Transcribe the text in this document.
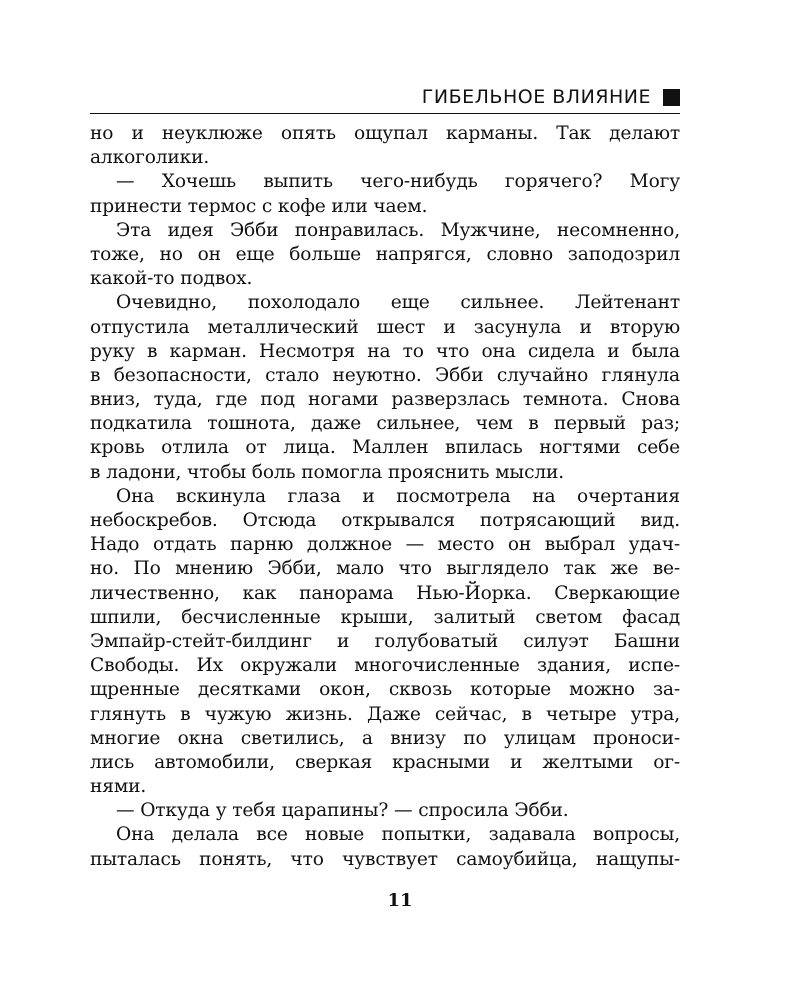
ГИБЕЛЬНОЕ ВЛИЯНИЕ
но и неуклюже опять ощупал карманы. Так делают
алкоголики.
— Хочешь выпить чего-нибудь горячего? Могу
принести термос с кофе или чаем.
Эта идея Эбби понравилась. Мужчине, несомненно,
тоже, но он еще больше напрягся, словно заподозрил
какой-то подвох.
Очевидно, похолодало еще сильнее. Лейтенант
отпустила металлический шест и засунула и вторую
руку в карман. Несмотря на то что она сидела и была
в безопасности, стало неуютно. Эбби случайно глянула
вниз, туда, где под ногами разверзлась темнота. Снова
подкатила тошнота, даже сильнее, чем в первый раз;
кровь отлила от лица. Маллен впилась ногтями себе
в ладони, чтобы боль помогла прояснить мысли.
Она вскинула глаза и посмотрела на очертания
небоскребов. Отсюда открывался потрясающий вид.
Надо отдать парню должное — место он выбрал удач-
но. По мнению Эбби, мало что выглядело так же ве-
личественно, как панорама Нью-Йорка. Сверкающие
шпили, бесчисленные крыши, залитый светом фасад
Эмпайр-стейт-билдинг и голубоватый силуэт Башни
Свободы. Их окружали многочисленные здания, испе-
щренные десятками окон, сквозь которые можно за-
глянуть в чужую жизнь. Даже сейчас, в четыре утра,
многие окна светились, а внизу по улицам проноси-
лись автомобили, сверкая красными и желтыми ог-
нями.
— Откуда у тебя царапины? — спросила Эбби.
Она делала все новые попытки, задавала вопросы,
пыталась понять, что чувствует самоубийца, нащупы-
11
